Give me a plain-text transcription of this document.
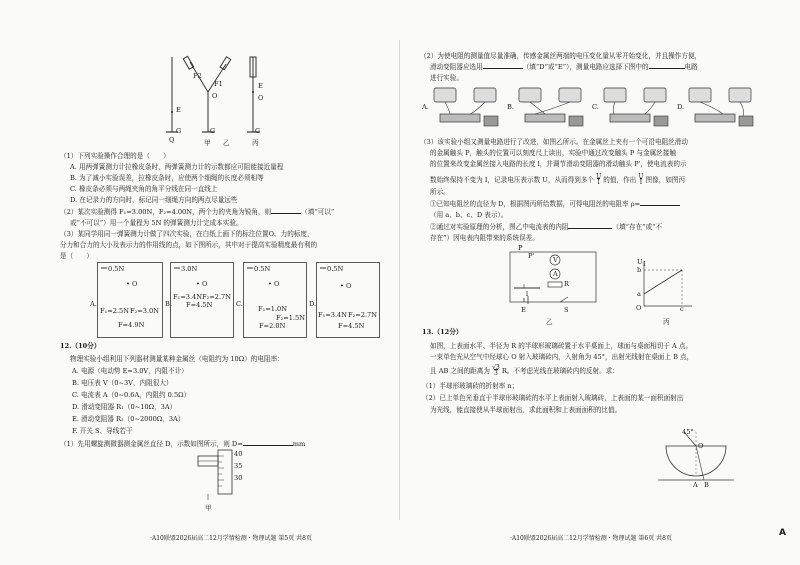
F2
F1
O
E
G	G	G
E
O
Q	甲 乙	丙
（1）下列实验操作合理的是（　　）
A. 用两弹簧测力计拉橡皮条时，两弹簧测力计的示数都应可阻能接近量程
B. 为了减小实验误差，拉橡皮条时，应使两个细绳的长度必须相等
C. 橡皮条必须与两绳夹角的角平分线在同一直线上
D. 在记录力的方向时，标记同一细绳方向的两点尽量远些
（2）某次实验测得 F₁=3.00N，F₂=4.00N，两个力的夹角为锐角，则	（填“可以”
或“不可以”）用一个量程为 5N 的弹簧测力计完成本实验。
（3）某同学用同一弹簧测力计做了四次实验，在白纸上画下的标注位置O、力的标度，
分力和合力的大小及表示力的作用线的点，如下图所示，其中对于提高实验精度最有利的
是（　　）
A.
0.5N
• O
F₁=2.5N F₂=3.0N
F=4.9N
B.
3.0N
• O
F₁=3.4N F₂=2.7N
F=4.5N	C.
0.5N
• O
F₁=1.0N
F₂=1.5N
F=2.0N
D.
0.5N
• O
F₁=3.4N F₂=2.7N
F=4.5N
12.（10分）
物理实验小组利用下列器材测量某种金属丝（电阻约为 10Ω）的电阻率：
A. 电源（电动势 E=3.0V，内阻不计）
B. 电压表 V（0~3V，内阻很大）
C. 电流表 A（0~0.6A，内阻约 0.5Ω）
D. 滑动变阻器 R₁（0~10Ω，3A）
E. 滑动变阻器 R₂（0~2000Ω，3A）
F. 开关 S、导线若干
（1）先用螺旋测微器测金属丝直径 D，示数如图所示，则 D=	mm
40
35
30
甲
·A10联盟2026届高二12月学情检测 · 物理试题 第5页 共8页
（2）为使电阻的测量值尽量准确，传感金属丝两端的电压变化量从零开始变化，并且操作方便，
滑动变阻器应选用	（填“D”或“E”），测量电路应选择下图中的	电路
进行实验。
A.	B.	C.	D.
（3）该实验小组又测量电路进行了改进，如图乙所示。在金属丝上夹有一个可沿电阻丝滑动
的金属触头 P，触头的位置可以刻度尺上读出，实验中通过改变触头 P 与金属丝接触
的位置来改变金属丝接入电路的长度 l，并调节滑动变阻器的滑动触头 P'，使电流表的示
数始终保持不变为 I，记录电压表示数 U，从而得到多个 U
I 的值，作出 U
I 图像，如图丙
所示。
①已知电阻丝的直径为 D，根据图丙所给数据，可得电阻丝的电阻率 ρ=
（用 a、b、c、D 表示）。
②通过对实验原理的分析，图乙中电流表的内阻	（填“存在”或“不
存在”）因电表内阻带来的系统误差。
P
P'
R
V
A
E	S
l
乙
U I
b
a
O	c
丙
13.（12分）
如图，上表面水平、半径为 R 的半球形玻璃砖置于水平桌面上，球面与桌面相切于 A 点。
一束单色光从空气中经球心 O 射入玻璃砖内，入射角为 45°，出射光线射在桌面上 B 点，
且 AB 之间的距离为 √3
3 R。不考虑光线在玻璃砖内的反射。求：
（1）半球形玻璃砖的折射率 n；
（2）已上单色光垂直于半球形玻璃砖的水平上表面射入玻璃砖，上表面的某一面积面射出
为光线，能直接使从半球面射出，求此面积和上表面面积的比值。
45°
O
A B
·A10联盟2026届高二12月学情检测 · 物理试题 第6页 共8页
A
